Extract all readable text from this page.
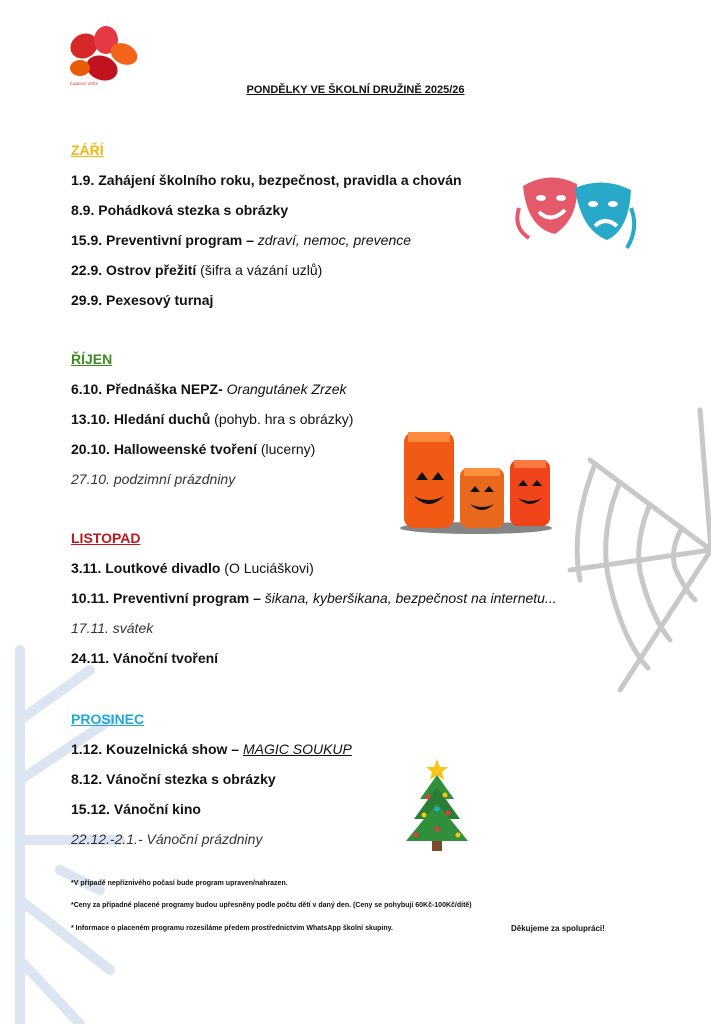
Laskavé srdce	PONDĚLKY VE ŠKOLNÍ DRUŽINĚ 2025/26
ZÁŘÍ
1.9. Zahájení školního roku, bezpečnost, pravidla a chován
8.9. Pohádková stezka s obrázky
15.9. Preventivní program – zdraví, nemoc, prevence
22.9. Ostrov přežití (šifra a vázání uzlů)
29.9. Pexesový turnaj
ŘÍJEN
6.10. Přednáška NEPZ- Orangutánek Zrzek
13.10. Hledání duchů (pohyb. hra s obrázky)
20.10. Halloweenské tvoření (lucerny)
27.10. podzimní prázdniny
LISTOPAD
3.11. Loutkové divadlo (O Luciáškovi)
10.11. Preventivní program – šikana, kyberšikana, bezpečnost na internetu...
17.11. svátek
24.11. Vánoční tvoření
PROSINEC
1.12. Kouzelnická show – MAGIC SOUKUP
8.12. Vánoční stezka s obrázky
15.12. Vánoční kino
22.12.-2.1.- Vánoční prázdniny
*V případě nepříznivého počasí bude program upraven/nahrazen.
*Ceny za případné placené programy budou upřesněny podle počtu dětí v daný den. (Ceny se pohybují 60Kč-100Kč/dítě)
* Informace o placeném programu rozesíláme předem prostřednictvím WhatsApp školní skupiny.	Děkujeme za spolupráci!
